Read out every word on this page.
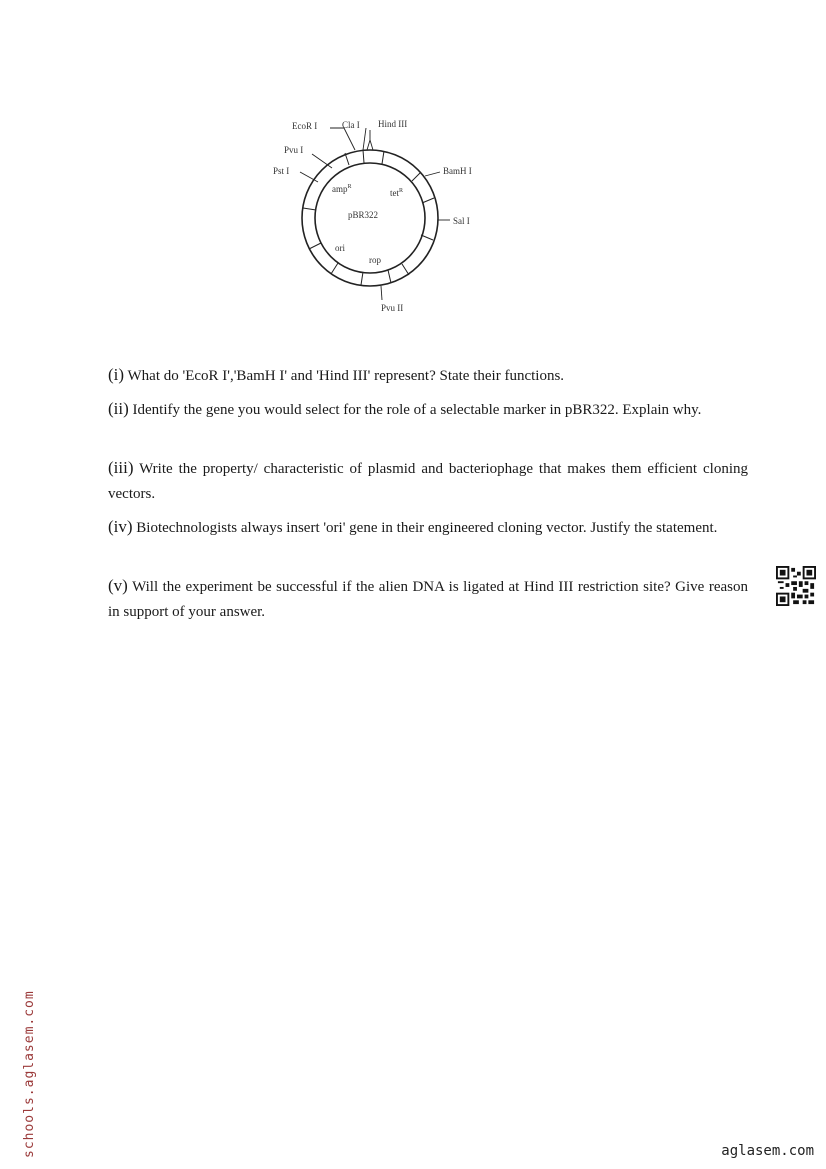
EcoR I	Cla I Hind III
Pvu I
Pst I	BamH I
Sal I
Pvu II
amp$^R$
tet$^R$
pBR322
ori
rop
(i) What do 'EcoR I','BamH I' and 'Hind III' represent? State their functions.
(ii) Identify the gene you would select for the role of a selectable marker in pBR322. Explain why.
(iii) Write the property/ characteristic of plasmid and bacteriophage that makes them efficient cloning vectors.
(iv) Biotechnologists always insert 'ori' gene in their engineered cloning vector. Justify the statement.
(v) Will the experiment be successful if the alien DNA is ligated at Hind III restriction site? Give reason in support of your answer.
schools.aglasem.com	aglasem.com
